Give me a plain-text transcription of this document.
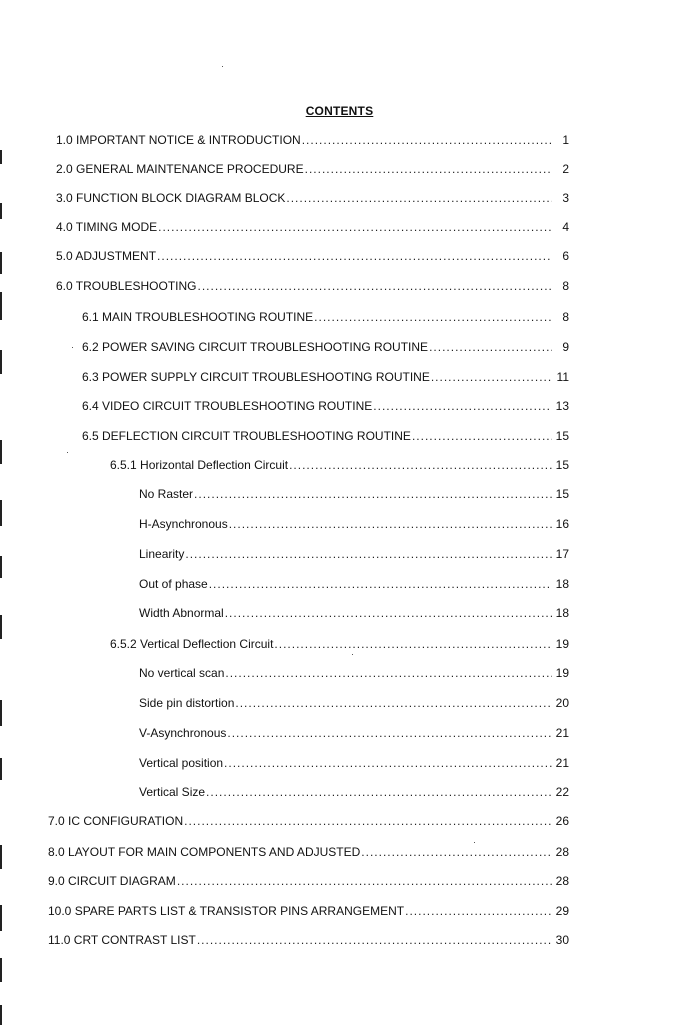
CONTENTS
1.0 IMPORTANT NOTICE & INTRODUCTION .....	1
2.0 GENERAL MAINTENANCE PROCEDURE .....	2
3.0 FUNCTION BLOCK DIAGRAM BLOCK .....	3
4.0 TIMING MODE .....	4
5.0 ADJUSTMENT .....	6
6.0 TROUBLESHOOTING .....	8
6.1 MAIN TROUBLESHOOTING ROUTINE .....	8
6.2 POWER SAVING CIRCUIT TROUBLESHOOTING ROUTINE .....	9
6.3 POWER SUPPLY CIRCUIT TROUBLESHOOTING ROUTINE .....	11
6.4 VIDEO CIRCUIT TROUBLESHOOTING ROUTINE .....	13
6.5 DEFLECTION CIRCUIT TROUBLESHOOTING ROUTINE .....	15
6.5.1 Horizontal Deflection Circuit .....	15
No Raster .....	15
H-Asynchronous .....	16
Linearity .....	17
Out of phase .....	18
Width Abnormal .....	18
6.5.2 Vertical Deflection Circuit .....	19
No vertical scan .....	19
Side pin distortion .....	20
V-Asynchronous .....	21
Vertical position .....	21
Vertical Size .....	22
7.0 IC CONFIGURATION .....	26
8.0 LAYOUT FOR MAIN COMPONENTS AND ADJUSTED .....	28
9.0 CIRCUIT DIAGRAM .....	28
10.0 SPARE PARTS LIST & TRANSISTOR PINS ARRANGEMENT .....	29
11.0 CRT CONTRAST LIST .....	30
